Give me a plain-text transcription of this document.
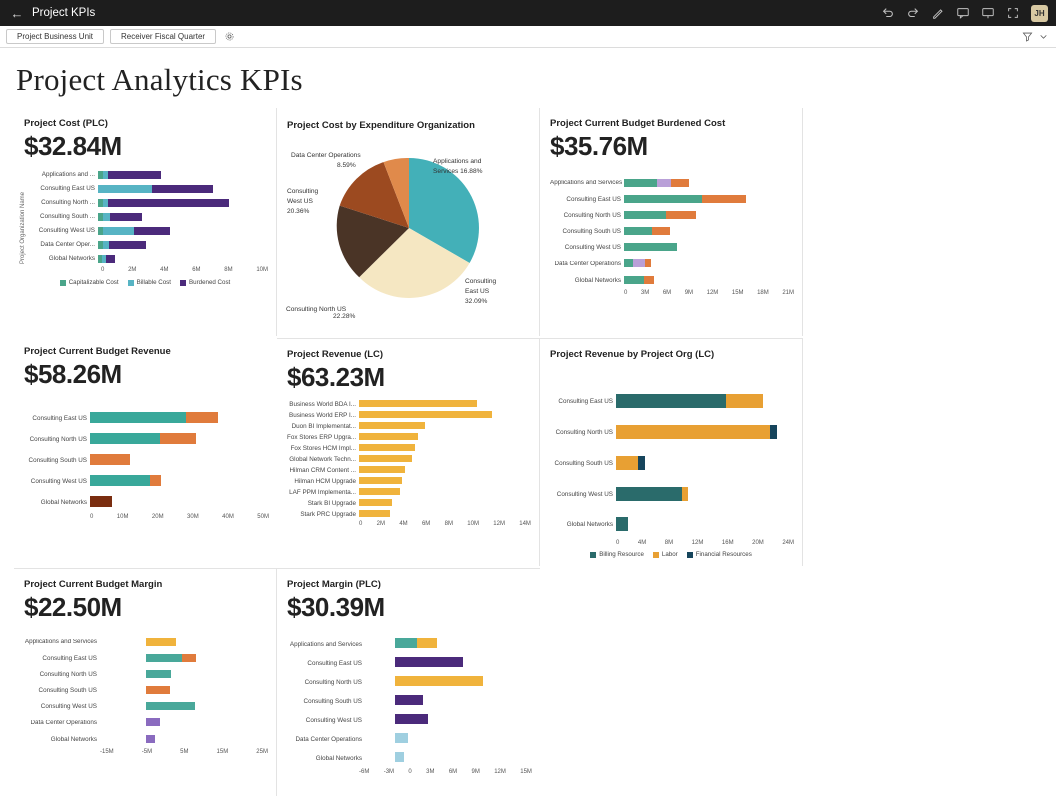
← Project KPIs	JH
Project Business Unit	Receiver Fiscal Quarter
Project Analytics KPIs
Project Cost (PLC)
$32.84M
Project Organization Name
Applications and ...
Consulting East US
Consulting North ...
Consulting South ...
Consulting West US
Data Center Oper...
Global Networks
0	2M	4M	6M	8M	10M
Capitalizable Cost	Billable Cost	Burdened Cost
Project Cost by Expenditure Organization
Data Center Operations
8.59%
Applications and
Services 16.88%
Consulting
East US
32.09%
Consulting
West US
20.36%
Consulting North US
22.28%
Project Current Budget Burdened Cost
$35.76M
Applications and Services
Consulting East US
Consulting North US
Consulting South US
Consulting West US
Data Center Operations
Global Networks
0 3M 6M 9M 12M 15M 18M 21M
Project Current Budget Revenue
$58.26M
Consulting East US
Consulting North US
Consulting South US
Consulting West US
Global Networks
0	10M	20M	30M	40M	50M
Project Revenue (LC)
$63.23M
Business World BDA I...
Business World ERP I...
Duon BI Implementat...
Fox Stores ERP Upgra...
Fox Stores HCM Impl...
Global Network Techn...
Hilman CRM Content ...
Hilman HCM Upgrade
LAF PPM Implementa...
Stark BI Upgrade
Stark PRC Upgrade
0 2M 4M 6M 8M 10M 12M 14M
Project Revenue by Project Org (LC)
Consulting East US
Consulting North US
Consulting South US
Consulting West US
Global Networks
0	4M	8M	12M	16M	20M	24M
Billing Resource	Labor	Financial Resources
Project Current Budget Margin
$22.50M
Applications and Services
Consulting East US
Consulting North US
Consulting South US
Consulting West US
Data Center Operations
Global Networks
-15M	-5M	5M	15M	25M
Project Margin (PLC)
$30.39M
Applications and Services
Consulting East US
Consulting North US
Consulting South US
Consulting West US
Data Center Operations
Global Networks
-6M -3M 0 3M 6M 9M 12M 15M
